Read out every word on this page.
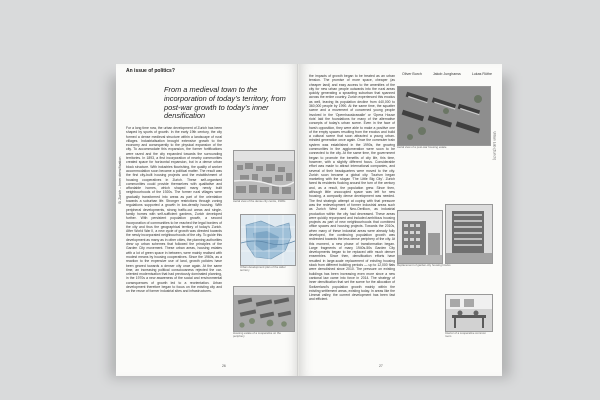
An issue of politics?
Si Zurich – Inner densification
From a medieval town to the incorporation of today’s territory, from post-war growth to today’s inner densification
For a long time now, the urban development of Zurich has been shaped by spurts of growth. In the early 19th century, the city formed a dense medieval structure within a landscape of rural villages. Industrialisation brought extensive growth to the economy and consequently to the physical expansion of the city. To accommodate this expansion, the former fortifications were razed and the city expanded towards the surrounding territories. In 1893, a first incorporation of nearby communities created space for horizontal expansion, but in a dense urban block structure. With industries flourishing, the quality of worker accommodation soon became a political matter. The result was the first city-built housing projects and the establishment of housing cooperatives in Zurich. These self-organised communities could provide themselves with qualitative and affordable homes, which shaped many newly built neighbourhoods of the 1920s. The former rural villages were gradually transformed into areas as part of the orientation towards a suburban life. Stronger restrictions through zoning regulations supported a growth in low-density housing. With peripheral developments, strong traffic-cut areas and single-family homes with self-sufficient gardens, Zurich developed further. With persistent population growth, a second incorporation of communities to be reached the legal borders of the city and thus the geographical territory of today’s Zurich. After World War II, a new cycle of growth was directed towards the newly incorporated neighbourhoods of the city. To guide this development as many as in other cities, the planning authorities drew up urban schemes that followed the principles of the Garden City movement. These urban areas, housing estates with a lot of green space in between, were mainly realised with modest means by housing cooperatives. Since the 1960s, as a reaction to the expensive use of land, growth policies have been geared towards a denser city once again. At the same time, an increasing political consciousness rejected the car-oriented modernisation that had previously dominated planning, in the 1970s a new awareness of the social and environmental consequences of growth led to a reorientation. Urban development therefore began to focus on the existing city and on the reuse of former industrial sites and infrastructures.
Aerial view of the dense city centre, 1930s
Urban development plan of the wider territory
Housing estate of a cooperative on the periphery
26
Oliver Burch	Jakob Junghanss	Lukas Rüthe
Urban Lab (Zurich)
the impacts of growth began to be treated as an urban tension. The promise of more space, cheaper (as cheaper land) and easy access to the amenities of the city for new urban people outwards into the rural areas quickly generating a sprawling suburban that spanned across the entire country. Zurich experienced this exodus as well, leaving its population decline from 440,000 to 360,000 people by 1990. At the same time, the squatter scene and a movement of concerned young people involved in the ‘Opernhauskrawalle’ or ‘Opera House riots’ laid the foundations for many of the alternative concepts of today’s urban scene. Even in the face of harsh opposition, they were able to make a positive one of the empty spaces resulting from the exodus and build a cultural scene that soon attracted a young urban-minded generation once again. Once the commuter train system was established in the 1990s, the growing communities in the agglomeration were soon to be connected to the city. At the same time, the government began to promote the benefits of city life, this time, however, with a slightly different focus. Considerable effort was made to attract international companies, and several of their headquarters were moved to the city. Zurich soon became a global city. Tourism began marketing with the slogan ‘The Little Big City’. Zurich fared its residents flocking around the turn of the century and, as a result, the population grew. Since then, although little unoccupied space was left for new housing, a compactly dense development was needed. The first strategic attempt at coping with that pressure was the redevelopment of former industrial areas such as Zurich West and Neu-Oerlikon, as industrial production within the city had decreased. These areas were quickly repurposed and included ambitious housing projects as part of new neighbourhoods that combined office spaces and housing projects. Towards the 2010s, when many of these industrial areas were already fully developed, the continuing population growth was redirected towards the less dense periphery of the city. At this moment, a new phase of transformation began. Large fragments of many 1940s-50s Garden City developments began to be replaced with much denser ensembles. Since then, densification efforts have resulted in large-scale replacement of existing housing stock from different building periods — up to 12,000 flats were demolished since 2010. The pressure on existing buildings has been increasing even more since a new cantonal law came into force in 2014. The strategy of inner densification that set the scene for the allocation of Switzerland’s population growth mainly within the existing settlement areas, existing today. In areas like the Limmat valley, the current development has been fast and efficient.
Aerial view of a post-war housing estate
Replacement of garden-city housing blocks
Interior of a cooperative common room
27
